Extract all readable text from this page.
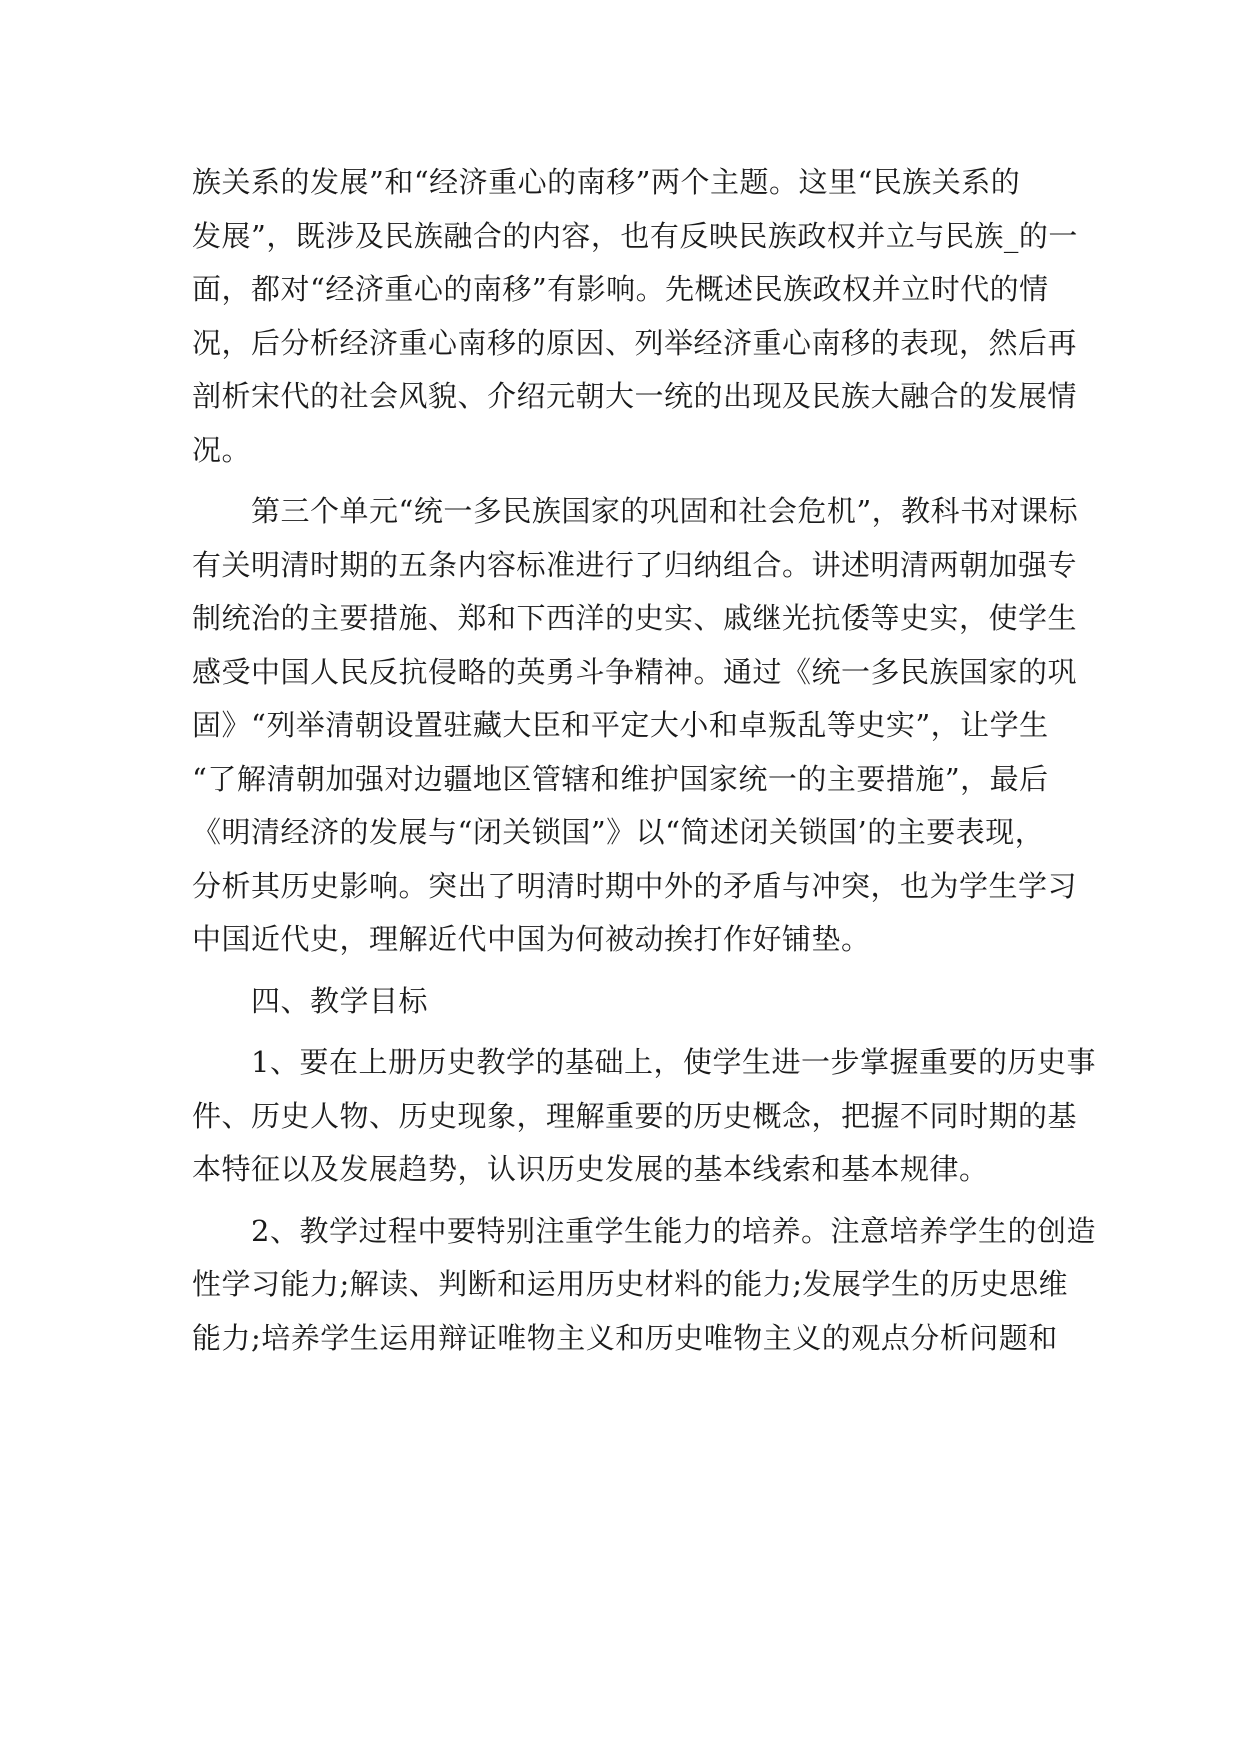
族关系的发展”和“经济重心的南移”两个主题。这里“民族关系的
发展”，既涉及民族融合的内容，也有反映民族政权并立与民族_的一
面，都对“经济重心的南移”有影响。先概述民族政权并立时代的情
况，后分析经济重心南移的原因、列举经济重心南移的表现，然后再
剖析宋代的社会风貌、介绍元朝大一统的出现及民族大融合的发展情
况。
　　第三个单元“统一多民族国家的巩固和社会危机”，教科书对课标
有关明清时期的五条内容标准进行了归纳组合。讲述明清两朝加强专
制统治的主要措施、郑和下西洋的史实、戚继光抗倭等史实，使学生
感受中国人民反抗侵略的英勇斗争精神。通过《统一多民族国家的巩
固》“列举清朝设置驻藏大臣和平定大小和卓叛乱等史实”，让学生
“了解清朝加强对边疆地区管辖和维护国家统一的主要措施”，最后
《明清经济的发展与“闭关锁国”》以“简述闭关锁国’的主要表现，
分析其历史影响。突出了明清时期中外的矛盾与冲突，也为学生学习
中国近代史，理解近代中国为何被动挨打作好铺垫。
　　四、教学目标
　　1、要在上册历史教学的基础上，使学生进一步掌握重要的历史事
件、历史人物、历史现象，理解重要的历史概念，把握不同时期的基
本特征以及发展趋势，认识历史发展的基本线索和基本规律。
　　2、教学过程中要特别注重学生能力的培养。注意培养学生的创造
性学习能力;解读、判断和运用历史材料的能力;发展学生的历史思维
能力;培养学生运用辩证唯物主义和历史唯物主义的观点分析问题和
